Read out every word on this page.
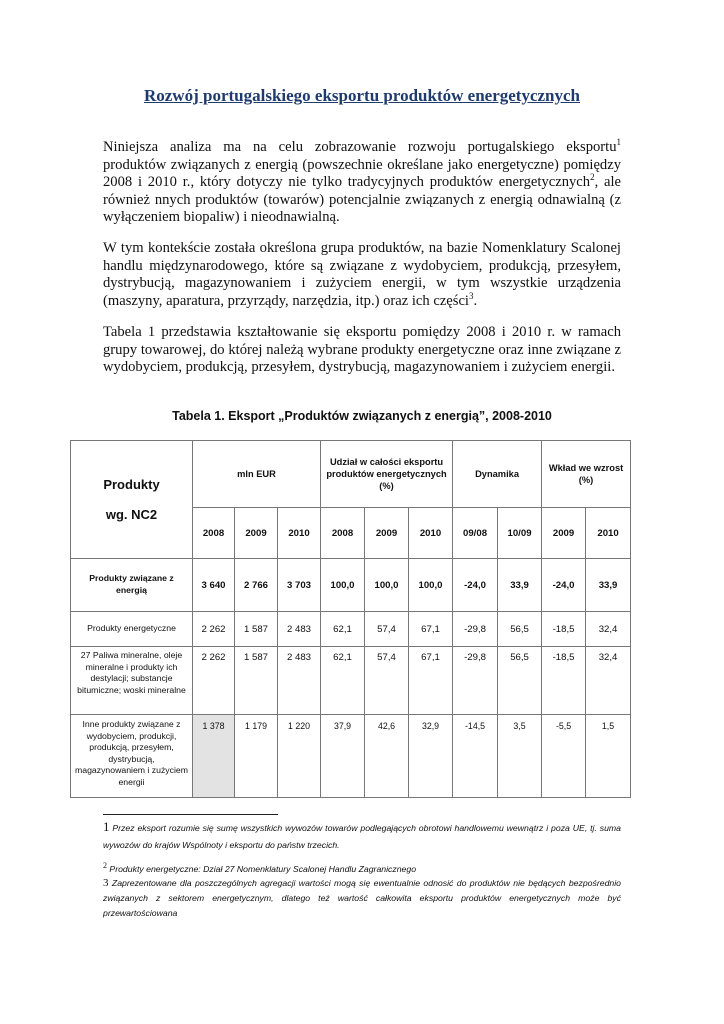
Rozwój portugalskiego eksportu produktów energetycznych

Niniejsza analiza ma na celu zobrazowanie rozwoju portugalskiego eksportu$^1$ produktów związanych z energią (powszechnie określane jako energetyczne) pomiędzy 2008 i 2010 r., który dotyczy nie tylko tradycyjnych produktów energetycznych$^2$, ale również nnych produktów (towarów) potencjalnie związanych z energią odnawialną (z wyłączeniem biopaliw) i nieodnawialną.

W tym kontekście została określona grupa produktów, na bazie Nomenklatury Scalonej handlu międzynarodowego, które są związane z wydobyciem, produkcją, przesyłem, dystrybucją, magazynowaniem i zużyciem energii, w tym wszystkie urządzenia (maszyny, aparatura, przyrządy, narzędzia, itp.) oraz ich części$^3$.

Tabela 1 przedstawia kształtowanie się eksportu pomiędzy 2008 i 2010 r. w ramach grupy towarowej, do której należą wybrane produkty energetyczne oraz inne związane z wydobyciem, produkcją, przesyłem, dystrybucją, magazynowaniem i zużyciem energii.

Tabela 1. Eksport „Produktów związanych z energią”, 2008-2010
Produkty
wg. NC2	mln EUR			Udział w całości eksportu produktów energetycznych (%)			Dynamika		Wkład we wzrost (%)	
	2008	2009	2010	2008	2009	2010	09/08	10/09	2009	2010
Produkty związane z energią	3 640	2 766	3 703	100,0	100,0	100,0	-24,0	33,9	-24,0	33,9
Produkty energetyczne	2 262	1 587	2 483	62,1	57,4	67,1	-29,8	56,5	-18,5	32,4
27 Paliwa mineralne, oleje mineralne i produkty ich destylacji; substancje bitumiczne; woski mineralne	2 262	1 587	2 483	62,1	57,4	67,1	-29,8	56,5	-18,5	32,4
Inne produkty związane z wydobyciem, produkcji, produkcją, przesyłem, dystrybucją, magazynowaniem i zużyciem energii	1 378	1 179	1 220	37,9	42,6	32,9	-14,5	3,5	-5,5	1,5

1 Przez eksport rozumie się sumę wszystkich wywozów towarów podlegających obrotowi handlowemu wewnątrz i poza UE, tj. suma wywozów do krajów Wspólnoty i eksportu do państw trzecich.

2 Produkty energetyczne: Dział 27 Nomenklatury Scalonej Handlu Zagranicznego

3 Zaprezentowane dla poszczególnych agregacji wartości mogą się ewentualnie odnosić do produktów nie będących bezpośrednio związanych z sektorem energetycznym, dlatego też wartość całkowita eksportu produktów energetycznych może być przewartościowana
